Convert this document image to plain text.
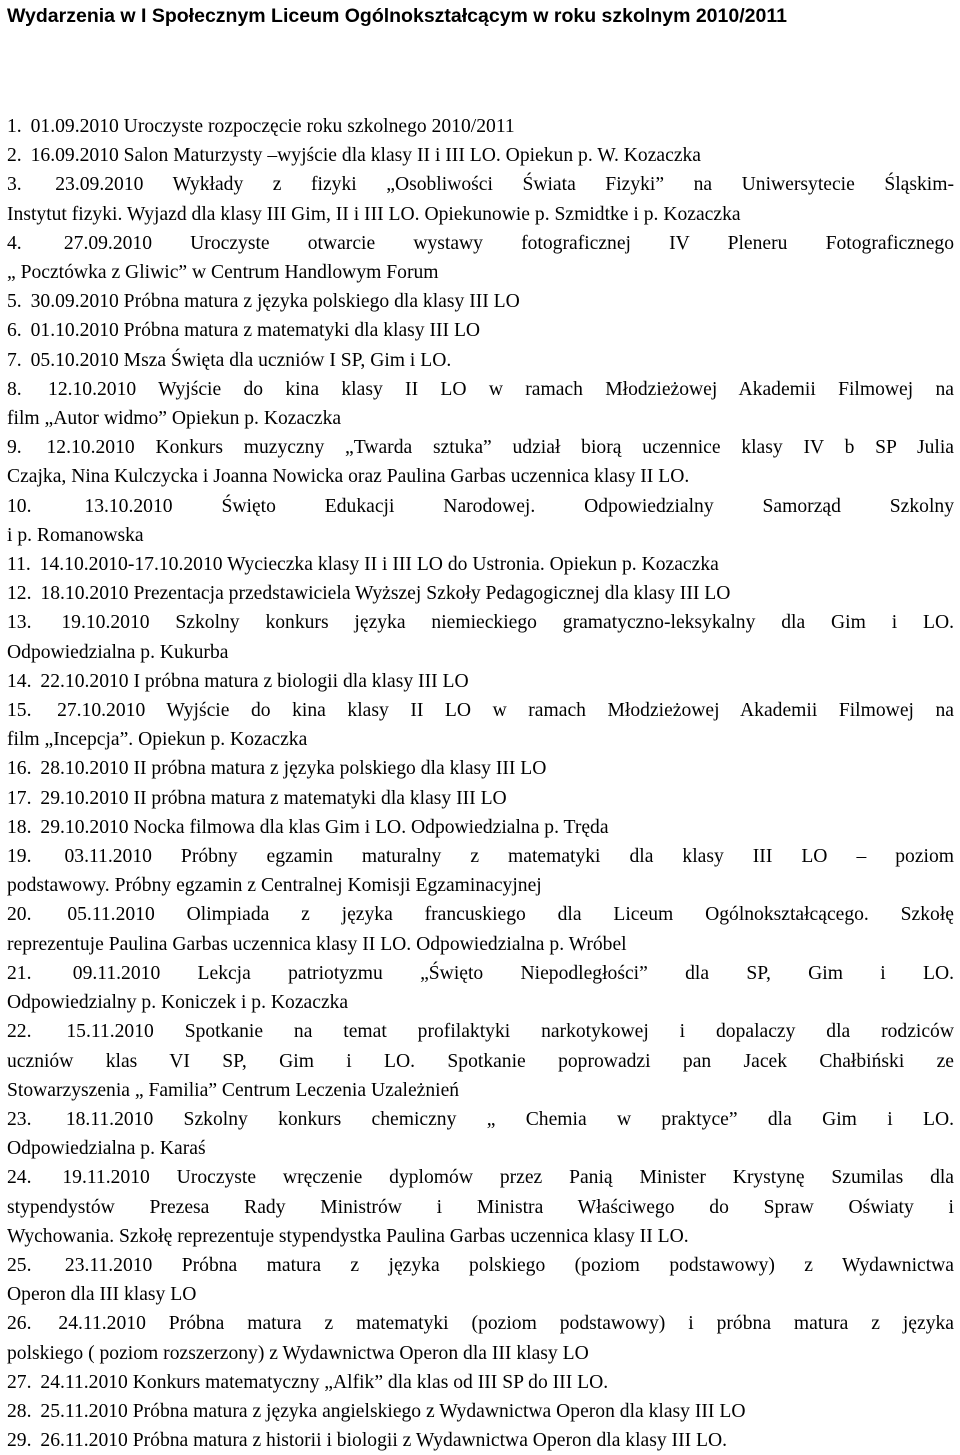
Wydarzenia w I Społecznym Liceum Ogólnokształcącym w roku szkolnym 2010/2011
1. 01.09.2010 Uroczyste rozpoczęcie roku szkolnego 2010/2011
2. 16.09.2010 Salon Maturzysty –wyjście dla klasy II i III LO. Opiekun p. W. Kozaczka
3. 23.09.2010 Wykłady z fizyki „Osobliwości Świata Fizyki” na Uniwersytecie Śląskim-
Instytut fizyki. Wyjazd dla klasy III Gim, II i III LO. Opiekunowie p. Szmidtke i p. Kozaczka
4. 27.09.2010 Uroczyste otwarcie wystawy fotograficznej IV Pleneru Fotograficznego
„ Pocztówka z Gliwic” w Centrum Handlowym Forum
5. 30.09.2010 Próbna matura z języka polskiego dla klasy III LO
6. 01.10.2010 Próbna matura z matematyki dla klasy III LO
7. 05.10.2010 Msza Święta dla uczniów I SP, Gim i LO.
8. 12.10.2010 Wyjście do kina klasy II LO w ramach Młodzieżowej Akademii Filmowej na
film „Autor widmo” Opiekun p. Kozaczka
9. 12.10.2010 Konkurs muzyczny „Twarda sztuka” udział biorą uczennice klasy IV b SP Julia
Czajka, Nina Kulczycka i Joanna Nowicka oraz Paulina Garbas uczennica klasy II LO.
10.	13.10.2010 Święto Edukacji Narodowej. Odpowiedzialny Samorząd Szkolny
i p. Romanowska
11. 14.10.2010-17.10.2010 Wycieczka klasy II i III LO do Ustronia. Opiekun p. Kozaczka
12. 18.10.2010 Prezentacja przedstawiciela Wyższej Szkoły Pedagogicznej dla klasy III LO
13. 19.10.2010 Szkolny konkurs języka niemieckiego gramatyczno-leksykalny dla Gim i LO.
Odpowiedzialna p. Kukurba
14. 22.10.2010 I próbna matura z biologii dla klasy III LO
15. 27.10.2010 Wyjście do kina klasy II LO w ramach Młodzieżowej Akademii Filmowej na
film „Incepcja”. Opiekun p. Kozaczka
16. 28.10.2010 II próbna matura z języka polskiego dla klasy III LO
17. 29.10.2010 II próbna matura z matematyki dla klasy III LO
18. 29.10.2010 Nocka filmowa dla klas Gim i LO. Odpowiedzialna p. Tręda
19. 03.11.2010 Próbny egzamin maturalny z matematyki dla klasy III LO – poziom
podstawowy. Próbny egzamin z Centralnej Komisji Egzaminacyjnej
20. 05.11.2010 Olimpiada z języka francuskiego dla Liceum Ogólnokształcącego. Szkołę
reprezentuje Paulina Garbas uczennica klasy II LO. Odpowiedzialna p. Wróbel
21. 09.11.2010 Lekcja patriotyzmu „Święto Niepodległości” dla SP, Gim i LO.
Odpowiedzialny p. Koniczek i p. Kozaczka
22. 15.11.2010 Spotkanie na temat profilaktyki narkotykowej i dopalaczy dla rodziców
uczniów klas VI SP, Gim i LO. Spotkanie poprowadzi pan Jacek Chałbiński ze
Stowarzyszenia „ Familia” Centrum Leczenia Uzależnień
23. 18.11.2010 Szkolny konkurs chemiczny „ Chemia w praktyce” dla Gim i LO.
Odpowiedzialna p. Karaś
24. 19.11.2010 Uroczyste wręczenie dyplomów przez Panią Minister Krystynę Szumilas dla
stypendystów Prezesa Rady Ministrów i Ministra Właściwego do Spraw Oświaty i
Wychowania. Szkołę reprezentuje stypendystka Paulina Garbas uczennica klasy II LO.
25. 23.11.2010 Próbna matura z języka polskiego (poziom podstawowy) z Wydawnictwa
Operon dla III klasy LO
26. 24.11.2010 Próbna matura z matematyki (poziom podstawowy) i próbna matura z języka
polskiego ( poziom rozszerzony) z Wydawnictwa Operon dla III klasy LO
27. 24.11.2010 Konkurs matematyczny „Alfik” dla klas od III SP do III LO.
28. 25.11.2010 Próbna matura z języka angielskiego z Wydawnictwa Operon dla klasy III LO
29. 26.11.2010 Próbna matura z historii i biologii z Wydawnictwa Operon dla klasy III LO.
